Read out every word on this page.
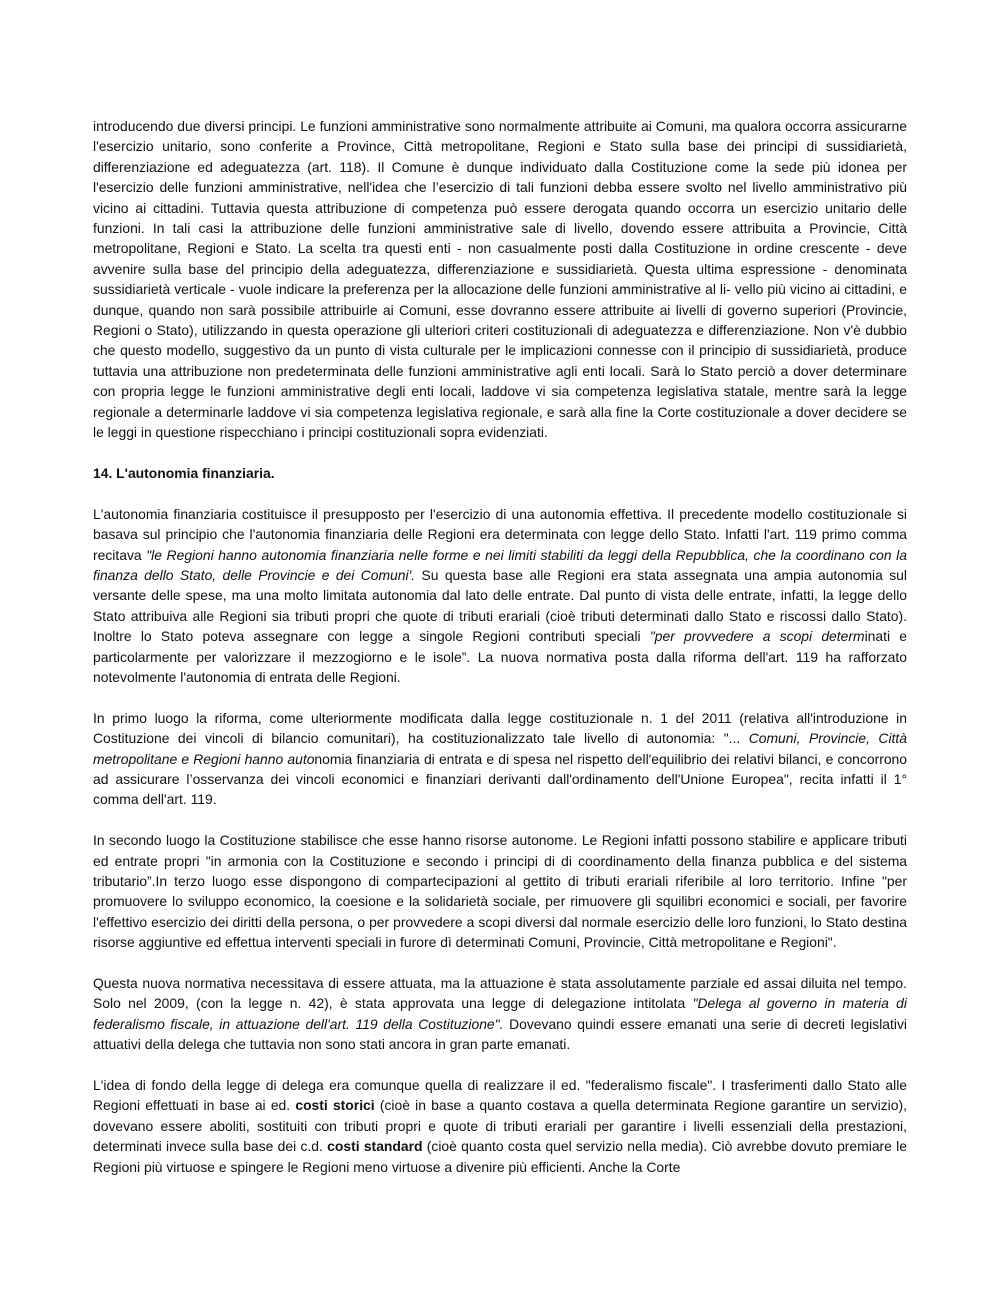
introducendo due diversi principi. Le funzioni amministrative sono normalmente attribuite ai Comuni, ma qualora occorra assicurarne l'esercizio unitario, sono conferite a Province, Città metropolitane, Regioni e Stato sulla base dei principi di sussidiarietà, differenziazione ed adeguatezza (art. 118). Il Comune è dunque individuato dalla Costituzione come la sede più idonea per l'esercizio delle funzioni amministrative, nell'idea che l’esercizio di tali funzioni debba essere svolto nel livello amministrativo più vicino ai cittadini. Tuttavia questa attribuzione di competenza può essere derogata quando occorra un esercizio unitario delle funzioni. In tali casi la attribuzione delle funzioni amministrative sale di livello, dovendo essere attribuita a Provincie, Città metropolitane, Regioni e Stato. La scelta tra questi enti - non casualmente posti dalla Costituzione in ordine crescente - deve avvenire sulla base del principio della adeguatezza, differenziazione e sussidiarietà. Questa ultima espressione - denominata sussidiarietà verticale - vuole indicare la preferenza per la allocazione delle funzioni amministrative al li- vello più vicino ai cittadini, e dunque, quando non sarà possibile attribuirle ai Comuni, esse dovranno essere attribuite ai livelli di governo superiori (Provincie, Regioni o Stato), utilizzando in questa operazione gli ulteriori criteri costituzionali di adeguatezza e differenziazione. Non v'è dubbio che questo modello, suggestivo da un punto di vista culturale per le implicazioni connesse con il principio di sussidiarietà, produce tuttavia una attribuzione non predeterminata delle funzioni amministrative agli enti locali. Sarà lo Stato perciò a dover determinare con propria legge le funzioni amministrative degli enti locali, laddove vi sia competenza legislativa statale, mentre sarà la legge regionale a determinarle laddove vi sia competenza legislativa regionale, e sarà alla fine la Corte costituzionale a dover decidere se le leggi in questione rispecchiano i principi costituzionali sopra evidenziati.

14. L'autonomia finanziaria.

L'autonomia finanziaria costituisce il presupposto per l'esercizio di una autonomia effettiva. Il precedente modello costituzionale si basava sul principio che l'autonomia finanziaria delle Regioni era determinata con legge dello Stato. Infatti l'art. 119 primo comma recitava "le Regioni hanno autonomia finanziaria nelle forme e nei limiti stabiliti da leggi della Repubblica, che la coordinano con la finanza dello Stato, delle Provincie e dei Comuni'. Su questa base alle Regioni era stata assegnata una ampia autonomia sul versante delle spese, ma una molto limitata autonomia dal lato delle entrate. Dal punto di vista delle entrate, infatti, la legge dello Stato attribuiva alle Regioni sia tributi propri che quote di tributi erariali (cioè tributi determinati dallo Stato e riscossi dallo Stato). Inoltre lo Stato poteva assegnare con legge a singole Regioni contributi speciali "per provvedere a scopi determinati e particolarmente per valorizzare il mezzogiorno e le isole”. La nuova normativa posta dalla riforma dell'art. 119 ha rafforzato notevolmente l'autonomia di entrata delle Regioni.

In primo luogo la riforma, come ulteriormente modificata dalla legge costituzionale n. 1 del 2011 (relativa all'introduzione in Costituzione dei vincoli di bilancio comunitari), ha costituzionalizzato tale livello di autonomia: "... Comuni, Provincie, Città metropolitane e Regioni hanno autonomia finanziaria di entrata e di spesa nel rispetto dell'equilibrio dei relativi bilanci, e concorrono ad assicurare l’osservanza dei vincoli economici e finanziari derivanti dall'ordinamento dell'Unione Europea", recita infatti il 1° comma dell'art. 119.

In secondo luogo la Costituzione stabilisce che esse hanno risorse autonome. Le Regioni infatti possono stabilire e applicare tributi ed entrate propri "in armonia con la Costituzione e secondo i principi di di coordinamento della finanza pubblica e del sistema tributario”.In terzo luogo esse dispongono di compartecipazioni al gettito di tributi erariali riferibile al loro territorio. Infine "per promuovere lo sviluppo economico, la coesione e la solidarietà sociale, per rimuovere gli squilibri economici e sociali, per favorire l'effettivo esercizio dei diritti della persona, o per provvedere a scopi diversi dal normale esercizio delle loro funzioni, lo Stato destina risorse aggiuntive ed effettua interventi speciali in furore dì determinati Comuni, Provincie, Città metropolitane e Regioni".

Questa nuova normativa necessitava di essere attuata, ma la attuazione è stata assolutamente parziale ed assai diluita nel tempo. Solo nel 2009, (con la legge n. 42), è stata approvata una legge di delegazione intitolata "Delega al governo in materia di federalismo fiscale, in attuazione dell'art. 119 della Costituzione". Dovevano quindi essere emanati una serie di decreti legislativi attuativi della delega che tuttavia non sono stati ancora in gran parte emanati.

L'idea di fondo della legge di delega era comunque quella di realizzare il ed. "federalismo fiscale". I trasferimenti dallo Stato alle Regioni effettuati in base ai ed. costi storici (cioè in base a quanto costava a quella determinata Regione garantire un servizio), dovevano essere aboliti, sostituiti con tributi propri e quote di tributi erariali per garantire i livelli essenziali della prestazioni, determinati invece sulla base dei c.d. costi standard (cioè quanto costa quel servizio nella media). Ciò avrebbe dovuto premiare le Regioni più virtuose e spingere le Regioni meno virtuose a divenire più efficienti. Anche la Corte
